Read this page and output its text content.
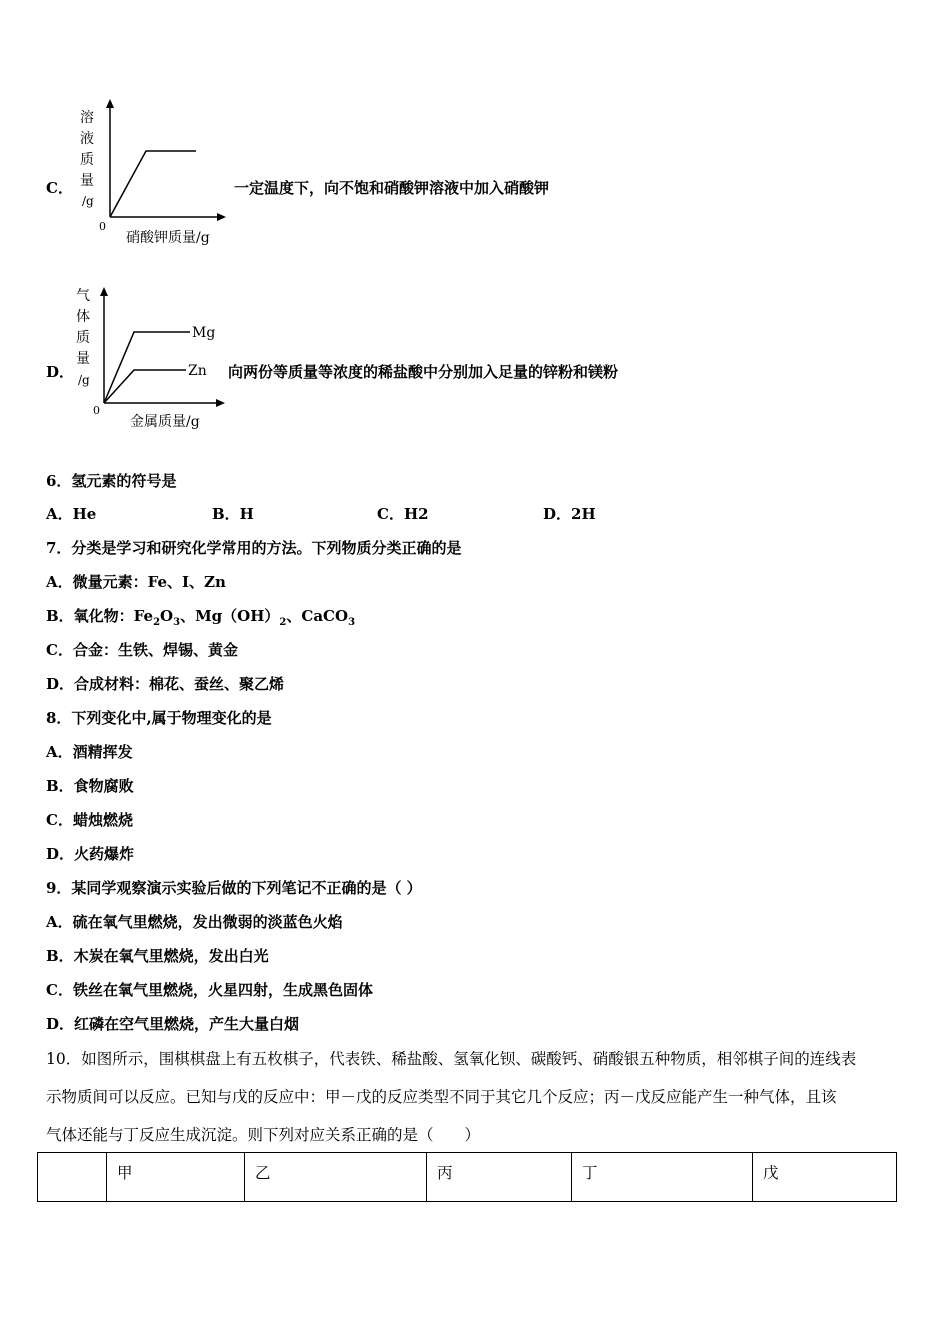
溶
液
质
量
/g
0
硝酸钾质量/g
C．	一定温度下，向不饱和硝酸钾溶液中加入硝酸钾
Mg
Zn
气
体
质
量
/g
0
金属质量/g
D．	向两份等质量等浓度的稀盐酸中分别加入足量的锌粉和镁粉
6．氢元素的符号是
A．He	B．H	C．H2	D．2H
7．分类是学习和研究化学常用的方法。下列物质分类正确的是
A．微量元素：Fe、I、Zn
B．氧化物：$Fe_2O_3$、$Mg(OH)_2$、CaCO$_3$
C．合金：生铁、焊锡、黄金
D．合成材料：棉花、蚕丝、聚乙烯
8．下列变化中,属于物理变化的是
A．酒精挥发
B．食物腐败
C．蜡烛燃烧
D．火药爆炸
9．某同学观察演示实验后做的下列笔记不正确的是（ ）
A．硫在氧气里燃烧，发出微弱的淡蓝色火焰
B．木炭在氧气里燃烧，发出白光
C．铁丝在氧气里燃烧，火星四射，生成黑色固体
D．红磷在空气里燃烧，产生大量白烟
10．如图所示，围棋棋盘上有五枚棋子，代表铁、稀盐酸、氢氧化钡、碳酸钙、硝酸银五种物质，相邻棋子间的连线表
示物质间可以反应。已知与戊的反应中：甲－戊的反应类型不同于其它几个反应；丙－戊反应能产生一种气体，且该
气体还能与丁反应生成沉淀。则下列对应关系正确的是（　　）
	甲	乙	丙	丁	戊
